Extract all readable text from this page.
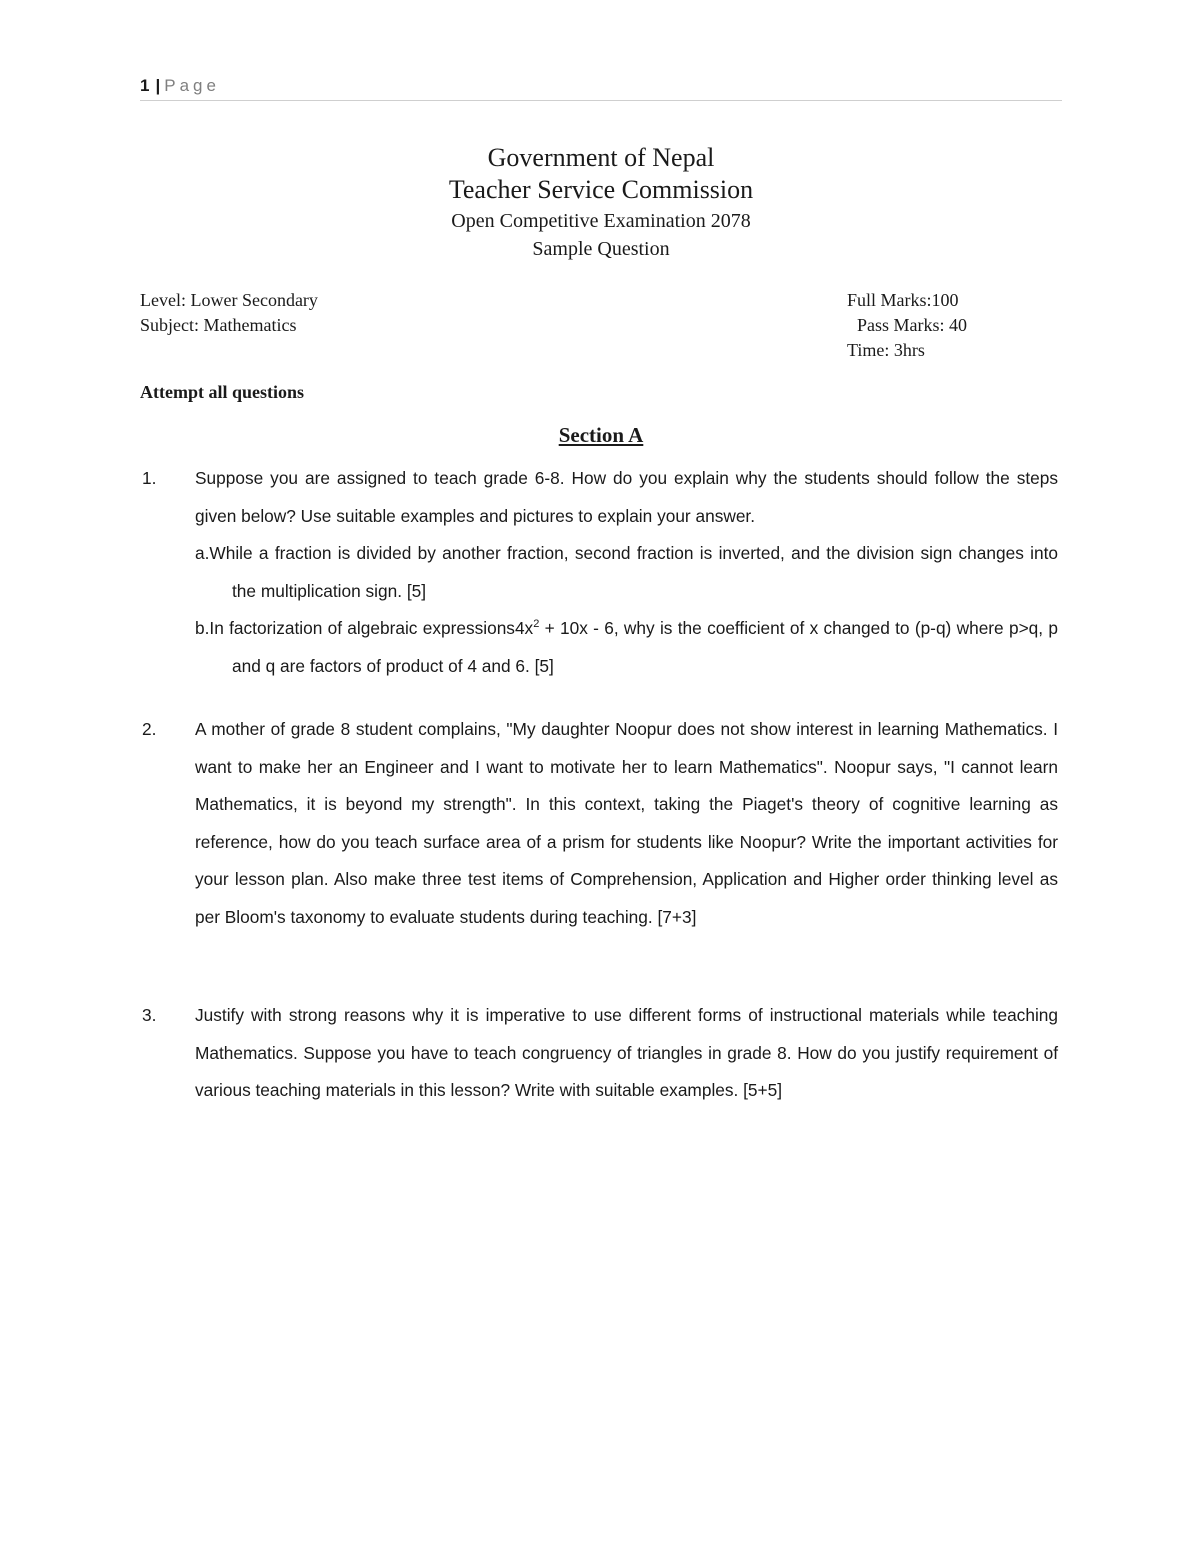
1 | Page
Government of Nepal
Teacher Service Commission
Open Competitive Examination 2078
Sample Question
Level: Lower Secondary
Subject: Mathematics
Full Marks:100
Pass Marks: 40
Time: 3hrs
Attempt all questions
Section A
1. Suppose you are assigned to teach grade 6-8. How do you explain why the students should follow the steps given below? Use suitable examples and pictures to explain your answer.
a.While a fraction is divided by another fraction, second fraction is inverted, and the division sign changes into the multiplication sign. [5]
b.In factorization of algebraic $expressions4x^2 + 10x - 6$, why is the coefficient of x changed to (p-q) where p>q, p and q are factors of product of 4 and 6. [5]
2. A mother of grade 8 student complains, "My daughter Noopur does not show interest in learning Mathematics. I want to make her an Engineer and I want to motivate her to learn Mathematics". Noopur says, "I cannot learn Mathematics, it is beyond my strength". In this context, taking the Piaget's theory of cognitive learning as reference, how do you teach surface area of a prism for students like Noopur? Write the important activities for your lesson plan. Also make three test items of Comprehension, Application and Higher order thinking level as per Bloom's taxonomy to evaluate students during teaching. [7+3]
3. Justify with strong reasons why it is imperative to use different forms of instructional materials while teaching Mathematics. Suppose you have to teach congruency of triangles in grade 8. How do you justify requirement of various teaching materials in this lesson? Write with suitable examples. [5+5]
